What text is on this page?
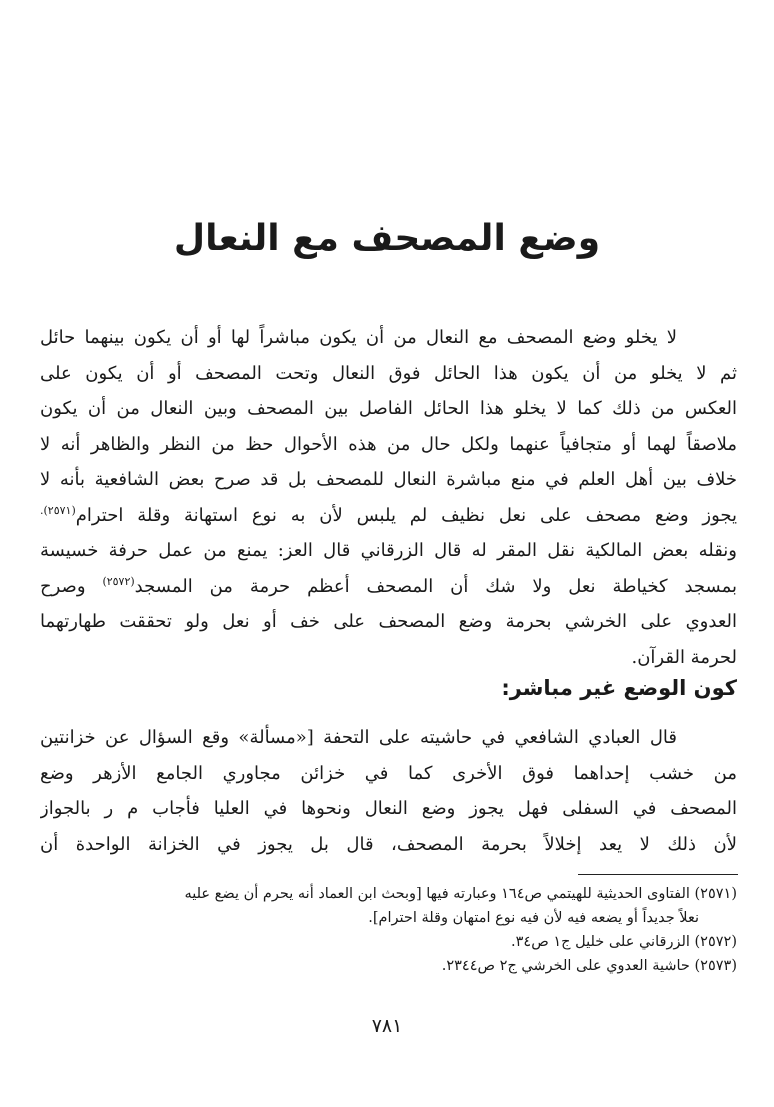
وضع المصحف مع النعال
لا يخلو وضع المصحف مع النعال من أن يكون مباشراً لها أو أن يكون بينهما حائل
ثم لا يخلو من أن يكون هذا الحائل فوق النعال وتحت المصحف أو أن يكون على
العكس من ذلك كما لا يخلو هذا الحائل الفاصل بين المصحف وبين النعال من أن يكون
ملاصقاً لهما أو متجافياً عنهما ولكل حال من هذه الأحوال حظ من النظر والظاهر أنه لا
خلاف بين أهل العلم في منع مباشرة النعال للمصحف بل قد صرح بعض الشافعية بأنه لا
يجوز وضع مصحف على نعل نظيف لم يلبس لأن به نوع استهانة وقلة احترام$^{(٢٥٧١).}$
ونقله بعض المالكية نقل المقر له قال الزرقاني قال العز: يمنع من عمل حرفة خسيسة
بمسجد كخياطة نعل ولا شك أن المصحف أعظم حرمة من المسجد$^{(٢٥٧٢)}$ وصرح
العدوي على الخرشي بحرمة وضع المصحف على خف أو نعل ولو تحققت طهارتهما
لحرمة القرآن.
كون الوضع غير مباشر:
قال العبادي الشافعي في حاشيته على التحفة [«مسألة» وقع السؤال عن خزانتين
من خشب إحداهما فوق الأخرى كما في خزائن مجاوري الجامع الأزهر وضع
المصحف في السفلى فهل يجوز وضع النعال ونحوها في العليا فأجاب م ر بالجواز
لأن ذلك لا يعد إخلالاً بحرمة المصحف، قال بل يجوز في الخزانة الواحدة أن
(٢٥٧١) الفتاوى الحديثية للهيتمي ص١٦٤ وعبارته فيها [وبحث ابن العماد أنه يحرم أن يضع عليه
نعلاً جديداً أو يضعه فيه لأن فيه نوع امتهان وقلة احترام].
(٢٥٧٢) الزرقاني على خليل ج١ ص٣٤.
(٢٥٧٣) حاشية العدوي على الخرشي ج٢ ص٢٣٤٤.
٧٨١
